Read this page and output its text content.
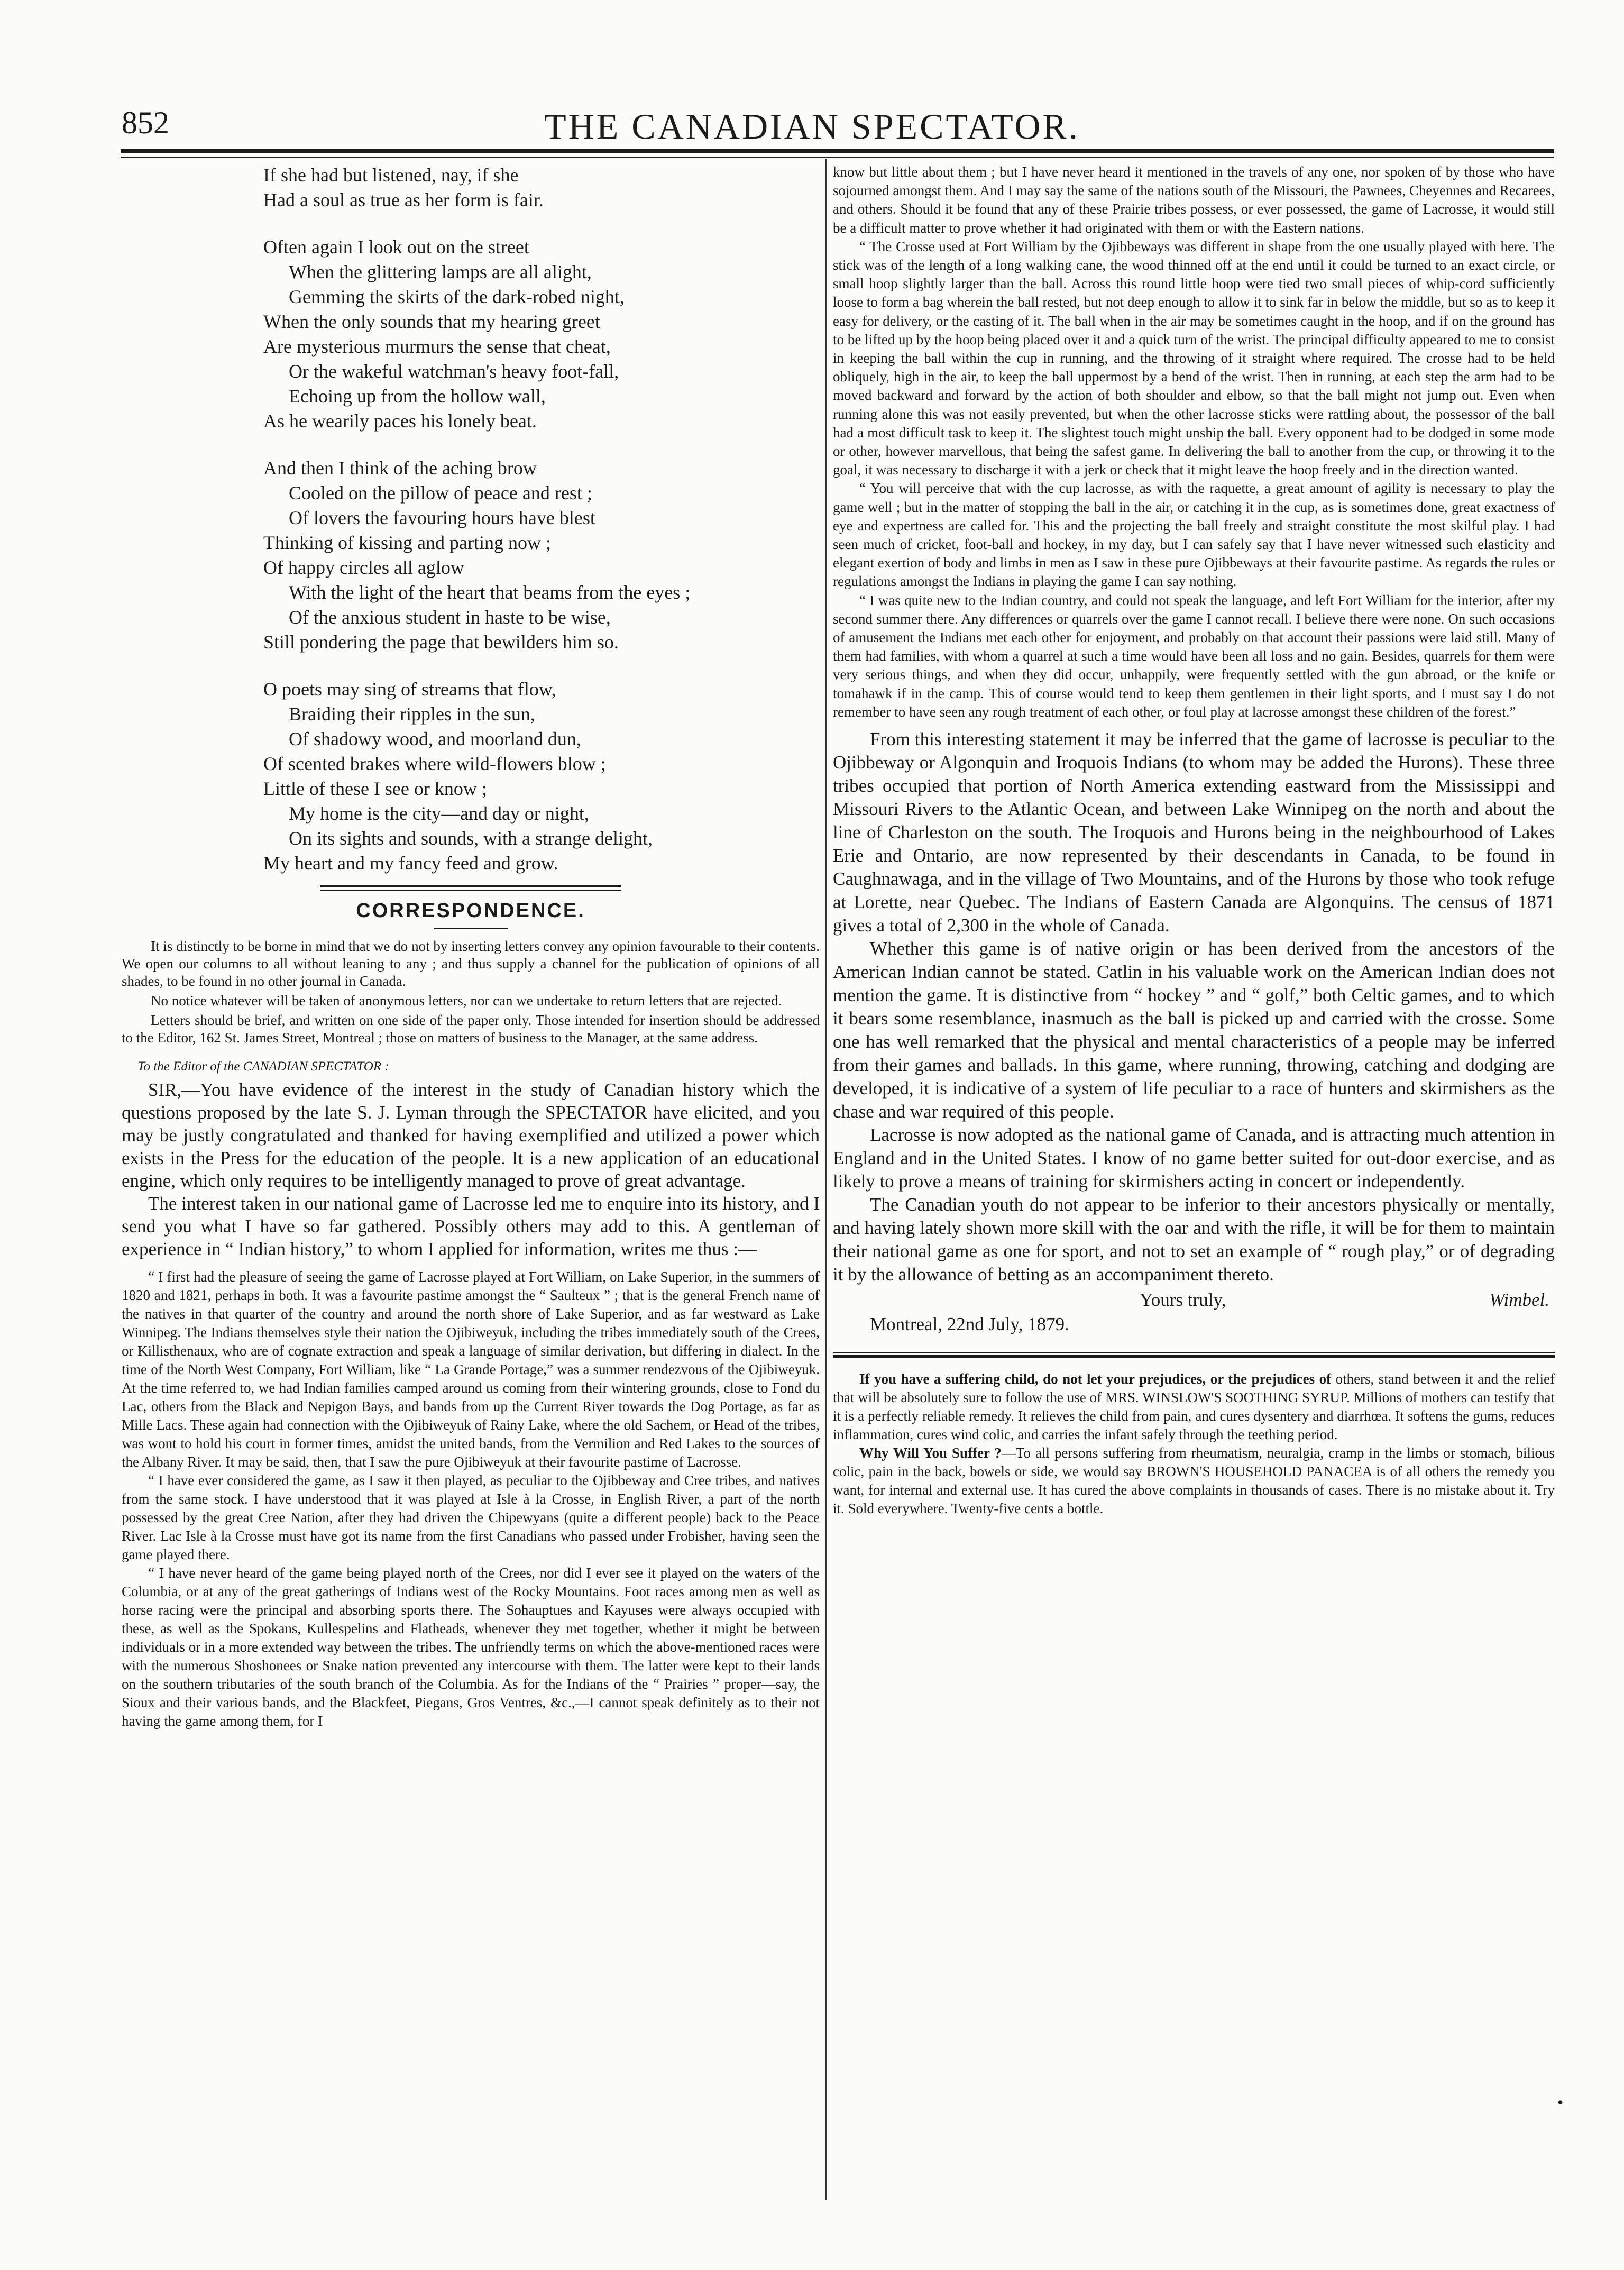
852	THE CANADIAN SPECTATOR.
If she had but listened, nay, if she
Had a soul as true as her form is fair.
Often again I look out on the street
When the glittering lamps are all alight,
Gemming the skirts of the dark-robed night,
When the only sounds that my hearing greet
Are mysterious murmurs the sense that cheat,
Or the wakeful watchman's heavy foot-fall,
Echoing up from the hollow wall,
As he wearily paces his lonely beat.
And then I think of the aching brow
Cooled on the pillow of peace and rest ;
Of lovers the favouring hours have blest
Thinking of kissing and parting now ;
Of happy circles all aglow
With the light of the heart that beams from the eyes ;
Of the anxious student in haste to be wise,
Still pondering the page that bewilders him so.
O poets may sing of streams that flow,
Braiding their ripples in the sun,
Of shadowy wood, and moorland dun,
Of scented brakes where wild-flowers blow ;
Little of these I see or know ;
My home is the city—and day or night,
On its sights and sounds, with a strange delight,
My heart and my fancy feed and grow.
CORRESPONDENCE.

It is distinctly to be borne in mind that we do not by inserting letters convey any opinion favourable to their contents. We open our columns to all without leaning to any ; and thus supply a channel for the publication of opinions of all shades, to be found in no other journal in Canada.

No notice whatever will be taken of anonymous letters, nor can we undertake to return letters that are rejected.

Letters should be brief, and written on one side of the paper only. Those intended for insertion should be addressed to the Editor, 162 St. James Street, Montreal ; those on matters of business to the Manager, at the same address.

To the Editor of the CANADIAN SPECTATOR :

SIR,—You have evidence of the interest in the study of Canadian history which the questions proposed by the late S. J. Lyman through the SPECTATOR have elicited, and you may be justly congratulated and thanked for having exemplified and utilized a power which exists in the Press for the education of the people. It is a new application of an educational engine, which only requires to be intelligently managed to prove of great advantage.

The interest taken in our national game of Lacrosse led me to enquire into its history, and I send you what I have so far gathered. Possibly others may add to this. A gentleman of experience in “ Indian history,” to whom I applied for information, writes me thus :—

“ I first had the pleasure of seeing the game of Lacrosse played at Fort William, on Lake Superior, in the summers of 1820 and 1821, perhaps in both. It was a favourite pastime amongst the “ Saulteux ” ; that is the general French name of the natives in that quarter of the country and around the north shore of Lake Superior, and as far westward as Lake Winnipeg. The Indians themselves style their nation the Ojibiweyuk, including the tribes immediately south of the Crees, or Killisthenaux, who are of cognate extraction and speak a language of similar derivation, but differing in dialect. In the time of the North West Company, Fort William, like “ La Grande Portage,” was a summer rendezvous of the Ojibiweyuk. At the time referred to, we had Indian families camped around us coming from their wintering grounds, close to Fond du Lac, others from the Black and Nepigon Bays, and bands from up the Current River towards the Dog Portage, as far as Mille Lacs. These again had connection with the Ojibiweyuk of Rainy Lake, where the old Sachem, or Head of the tribes, was wont to hold his court in former times, amidst the united bands, from the Vermilion and Red Lakes to the sources of the Albany River. It may be said, then, that I saw the pure Ojibiweyuk at their favourite pastime of Lacrosse.

“ I have ever considered the game, as I saw it then played, as peculiar to the Ojibbeway and Cree tribes, and natives from the same stock. I have understood that it was played at Isle à la Crosse, in English River, a part of the north possessed by the great Cree Nation, after they had driven the Chipewyans (quite a different people) back to the Peace River. Lac Isle à la Crosse must have got its name from the first Canadians who passed under Frobisher, having seen the game played there.

“ I have never heard of the game being played north of the Crees, nor did I ever see it played on the waters of the Columbia, or at any of the great gatherings of Indians west of the Rocky Mountains. Foot races among men as well as horse racing were the principal and absorbing sports there. The Sohauptues and Kayuses were always occupied with these, as well as the Spokans, Kullespelins and Flatheads, whenever they met together, whether it might be between individuals or in a more extended way between the tribes. The unfriendly terms on which the above-mentioned races were with the numerous Shoshonees or Snake nation prevented any intercourse with them. The latter were kept to their lands on the southern tributaries of the south branch of the Columbia. As for the Indians of the “ Prairies ” proper—say, the Sioux and their various bands, and the Blackfeet, Piegans, Gros Ventres, &c.,—I cannot speak definitely as to their not having the game among them, for I

know but little about them ; but I have never heard it mentioned in the travels of any one, nor spoken of by those who have sojourned amongst them. And I may say the same of the nations south of the Missouri, the Pawnees, Cheyennes and Recarees, and others. Should it be found that any of these Prairie tribes possess, or ever possessed, the game of Lacrosse, it would still be a difficult matter to prove whether it had originated with them or with the Eastern nations.

“ The Crosse used at Fort William by the Ojibbeways was different in shape from the one usually played with here. The stick was of the length of a long walking cane, the wood thinned off at the end until it could be turned to an exact circle, or small hoop slightly larger than the ball. Across this round little hoop were tied two small pieces of whip-cord sufficiently loose to form a bag wherein the ball rested, but not deep enough to allow it to sink far in below the middle, but so as to keep it easy for delivery, or the casting of it. The ball when in the air may be sometimes caught in the hoop, and if on the ground has to be lifted up by the hoop being placed over it and a quick turn of the wrist. The principal difficulty appeared to me to consist in keeping the ball within the cup in running, and the throwing of it straight where required. The crosse had to be held obliquely, high in the air, to keep the ball uppermost by a bend of the wrist. Then in running, at each step the arm had to be moved backward and forward by the action of both shoulder and elbow, so that the ball might not jump out. Even when running alone this was not easily prevented, but when the other lacrosse sticks were rattling about, the possessor of the ball had a most difficult task to keep it. The slightest touch might unship the ball. Every opponent had to be dodged in some mode or other, however marvellous, that being the safest game. In delivering the ball to another from the cup, or throwing it to the goal, it was necessary to discharge it with a jerk or check that it might leave the hoop freely and in the direction wanted.

“ You will perceive that with the cup lacrosse, as with the raquette, a great amount of agility is necessary to play the game well ; but in the matter of stopping the ball in the air, or catching it in the cup, as is sometimes done, great exactness of eye and expertness are called for. This and the projecting the ball freely and straight constitute the most skilful play. I had seen much of cricket, foot-ball and hockey, in my day, but I can safely say that I have never witnessed such elasticity and elegant exertion of body and limbs in men as I saw in these pure Ojibbeways at their favourite pastime. As regards the rules or regulations amongst the Indians in playing the game I can say nothing.

“ I was quite new to the Indian country, and could not speak the language, and left Fort William for the interior, after my second summer there. Any differences or quarrels over the game I cannot recall. I believe there were none. On such occasions of amusement the Indians met each other for enjoyment, and probably on that account their passions were laid still. Many of them had families, with whom a quarrel at such a time would have been all loss and no gain. Besides, quarrels for them were very serious things, and when they did occur, unhappily, were frequently settled with the gun abroad, or the knife or tomahawk if in the camp. This of course would tend to keep them gentlemen in their light sports, and I must say I do not remember to have seen any rough treatment of each other, or foul play at lacrosse amongst these children of the forest.”

From this interesting statement it may be inferred that the game of lacrosse is peculiar to the Ojibbeway or Algonquin and Iroquois Indians (to whom may be added the Hurons). These three tribes occupied that portion of North America extending eastward from the Mississippi and Missouri Rivers to the Atlantic Ocean, and between Lake Winnipeg on the north and about the line of Charleston on the south. The Iroquois and Hurons being in the neighbourhood of Lakes Erie and Ontario, are now represented by their descendants in Canada, to be found in Caughnawaga, and in the village of Two Mountains, and of the Hurons by those who took refuge at Lorette, near Quebec. The Indians of Eastern Canada are Algonquins. The census of 1871 gives a total of 2,300 in the whole of Canada.

Whether this game is of native origin or has been derived from the ancestors of the American Indian cannot be stated. Catlin in his valuable work on the American Indian does not mention the game. It is distinctive from “ hockey ” and “ golf,” both Celtic games, and to which it bears some resemblance, inasmuch as the ball is picked up and carried with the crosse. Some one has well remarked that the physical and mental characteristics of a people may be inferred from their games and ballads. In this game, where running, throwing, catching and dodging are developed, it is indicative of a system of life peculiar to a race of hunters and skirmishers as the chase and war required of this people.

Lacrosse is now adopted as the national game of Canada, and is attracting much attention in England and in the United States. I know of no game better suited for out-door exercise, and as likely to prove a means of training for skirmishers acting in concert or independently.

The Canadian youth do not appear to be inferior to their ancestors physically or mentally, and having lately shown more skill with the oar and with the rifle, it will be for them to maintain their national game as one for sport, and not to set an example of “ rough play,” or of degrading it by the allowance of betting as an accompaniment thereto.

Yours truly,	Wimbel.
Montreal, 22nd July, 1879.

If you have a suffering child, do not let your prejudices, or the prejudices of others, stand between it and the relief that will be absolutely sure to follow the use of MRS. WINSLOW'S SOOTHING SYRUP. Millions of mothers can testify that it is a perfectly reliable remedy. It relieves the child from pain, and cures dysentery and diarrhœa. It softens the gums, reduces inflammation, cures wind colic, and carries the infant safely through the teething period.

Why Will You Suffer ?—To all persons suffering from rheumatism, neuralgia, cramp in the limbs or stomach, bilious colic, pain in the back, bowels or side, we would say BROWN'S HOUSEHOLD PANACEA is of all others the remedy you want, for internal and external use. It has cured the above complaints in thousands of cases. There is no mistake about it. Try it. Sold everywhere. Twenty-five cents a bottle.

•
